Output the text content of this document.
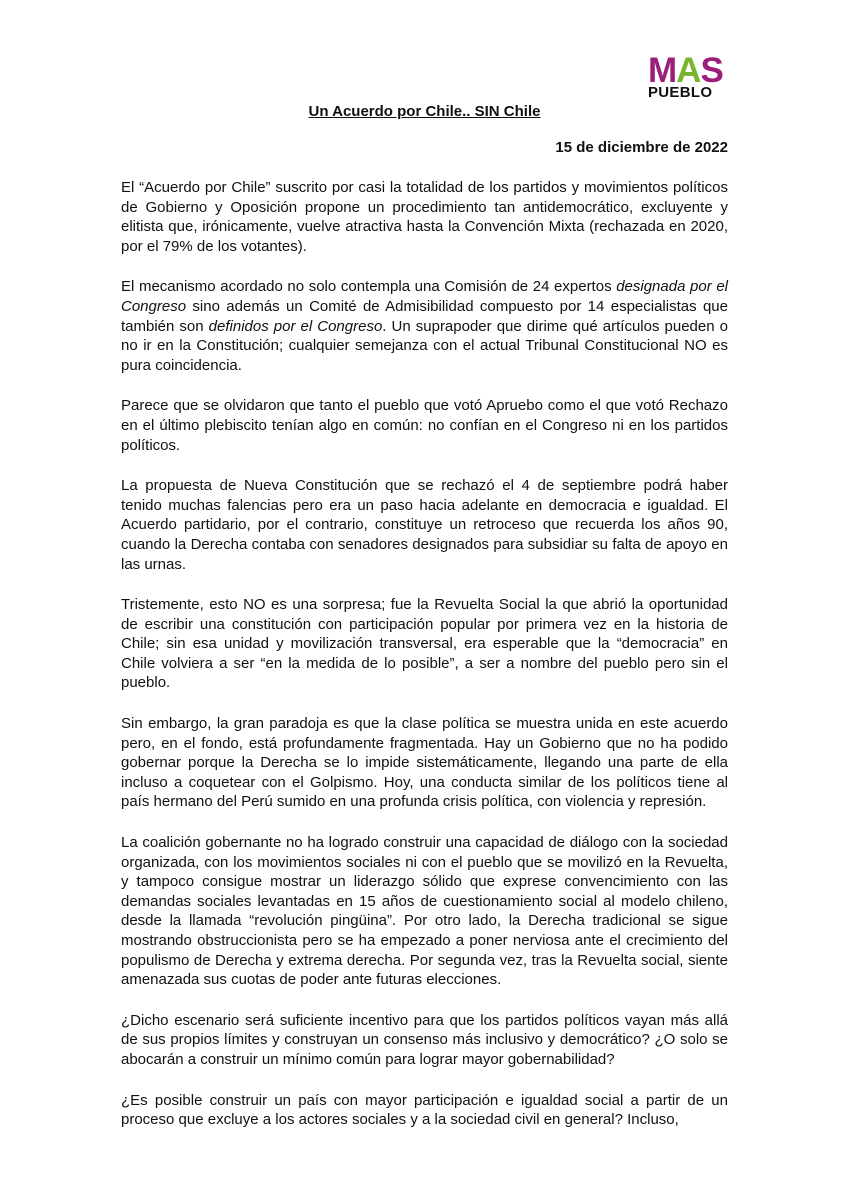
MAS
PUEBLO
Un Acuerdo por Chile.. SIN Chile
15 de diciembre de 2022

El “Acuerdo por Chile” suscrito por casi la totalidad de los partidos y movimientos políticos de Gobierno y Oposición propone un procedimiento tan antidemocrático, excluyente y elitista que, irónicamente, vuelve atractiva hasta la Convención Mixta (rechazada en 2020, por el 79% de los votantes).

El mecanismo acordado no solo contempla una Comisión de 24 expertos designada por el Congreso sino además un Comité de Admisibilidad compuesto por 14 especialistas que también son definidos por el Congreso. Un suprapoder que dirime qué artículos pueden o no ir en la Constitución; cualquier semejanza con el actual Tribunal Constitucional NO es pura coincidencia.

Parece que se olvidaron que tanto el pueblo que votó Apruebo como el que votó Rechazo en el último plebiscito tenían algo en común: no confían en el Congreso ni en los partidos políticos.

La propuesta de Nueva Constitución que se rechazó el 4 de septiembre podrá haber tenido muchas falencias pero era un paso hacia adelante en democracia e igualdad. El Acuerdo partidario, por el contrario, constituye un retroceso que recuerda los años 90, cuando la Derecha contaba con senadores designados para subsidiar su falta de apoyo en las urnas.

Tristemente, esto NO es una sorpresa; fue la Revuelta Social la que abrió la oportunidad de escribir una constitución con participación popular por primera vez en la historia de Chile; sin esa unidad y movilización transversal, era esperable que la “democracia” en Chile volviera a ser “en la medida de lo posible”, a ser a nombre del pueblo pero sin el pueblo.

Sin embargo, la gran paradoja es que la clase política se muestra unida en este acuerdo pero, en el fondo, está profundamente fragmentada. Hay un Gobierno que no ha podido gobernar porque la Derecha se lo impide sistemáticamente, llegando una parte de ella incluso a coquetear con el Golpismo. Hoy, una conducta similar de los políticos tiene al país hermano del Perú sumido en una profunda crisis política, con violencia y represión.

La coalición gobernante no ha logrado construir una capacidad de diálogo con la sociedad organizada, con los movimientos sociales ni con el pueblo que se movilizó en la Revuelta, y tampoco consigue mostrar un liderazgo sólido que exprese convencimiento con las demandas sociales levantadas en 15 años de cuestionamiento social al modelo chileno, desde la llamada “revolución pingüina”. Por otro lado, la Derecha tradicional se sigue mostrando obstruccionista pero se ha empezado a poner nerviosa ante el crecimiento del populismo de Derecha y extrema derecha. Por segunda vez, tras la Revuelta social, siente amenazada sus cuotas de poder ante futuras elecciones.

¿Dicho escenario será suficiente incentivo para que los partidos políticos vayan más allá de sus propios límites y construyan un consenso más inclusivo y democrático? ¿O solo se abocarán a construir un mínimo común para lograr mayor gobernabilidad?

¿Es posible construir un país con mayor participación e igualdad social a partir de un proceso que excluye a los actores sociales y a la sociedad civil en general? Incluso,
